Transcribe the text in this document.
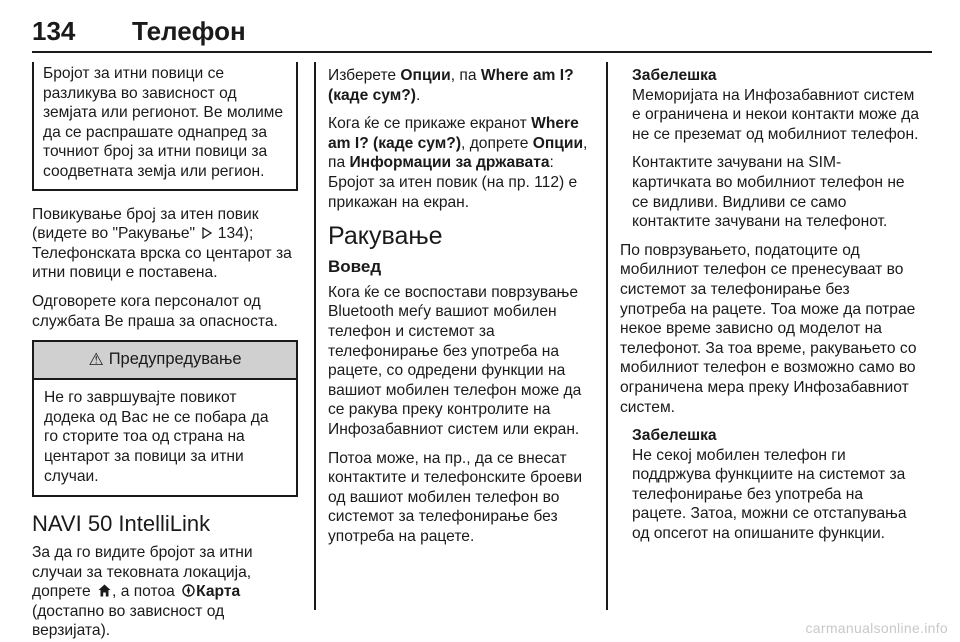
134 Телефон
Бројот за итни повици се разликува во зависност од земјата или регионот. Ве молиме да се распрашате однапред за точниот број за итни повици за соодветната земја или регион.
Повикување број за итен повик (видете во "Ракување" 134); Телефонската врска со центарот за итни повици е поставена.
Одговорете кога персоналот од службата Ве праша за опасноста.
⚠ Предупредување
Не го завршувајте повикот додека од Вас не се побара да го сторите тоа од страна на центарот за повици за итни случаи.
NAVI 50 IntelliLink
За да го видите бројот за итни случаи за тековната локација, допрете , а потоа Карта (достапно во зависност од верзијата).
Изберете Опции, па Where am I? (каде сум?).
Кога ќе се прикаже екранот Where am I? (каде сум?), допрете Опции, па Информации за државата: Бројот за итен повик (на пр. 112) е прикажан на екран.
Ракување
Вовед
Кога ќе се воспостави поврзување Bluetooth меѓу вашиот мобилен телефон и системот за телефонирање без употреба на рацете, со одредени функции на вашиот мобилен телефон може да се ракува преку контролите на Инфозабавниот систем или екран.
Потоа може, на пр., да се внесат контактите и телефонските броеви од вашиот мобилен телефон во системот за телефонирање без употреба на рацете.
Забелешка
Меморијата на Инфозабавниот систем е ограничена и некои контакти може да не се преземат од мобилниот телефон.
Контактите зачувани на SIM-картичката во мобилниот телефон не се видливи. Видливи се само контактите зачувани на телефонот.
По поврзувањето, податоците од мобилниот телефон се пренесуваат во системот за телефонирање без употреба на рацете. Тоа може да потрае некое време зависно од моделот на телефонот. За тоа време, ракувањето со мобилниот телефон е возможно само во ограничена мера преку Инфозабавниот систем.
Забелешка
Не секој мобилен телефон ги поддржува функциите на системот за телефонирање без употреба на рацете. Затоа, можни се отстапувања од опсегот на опишаните функции.
carmanualsonline.info
